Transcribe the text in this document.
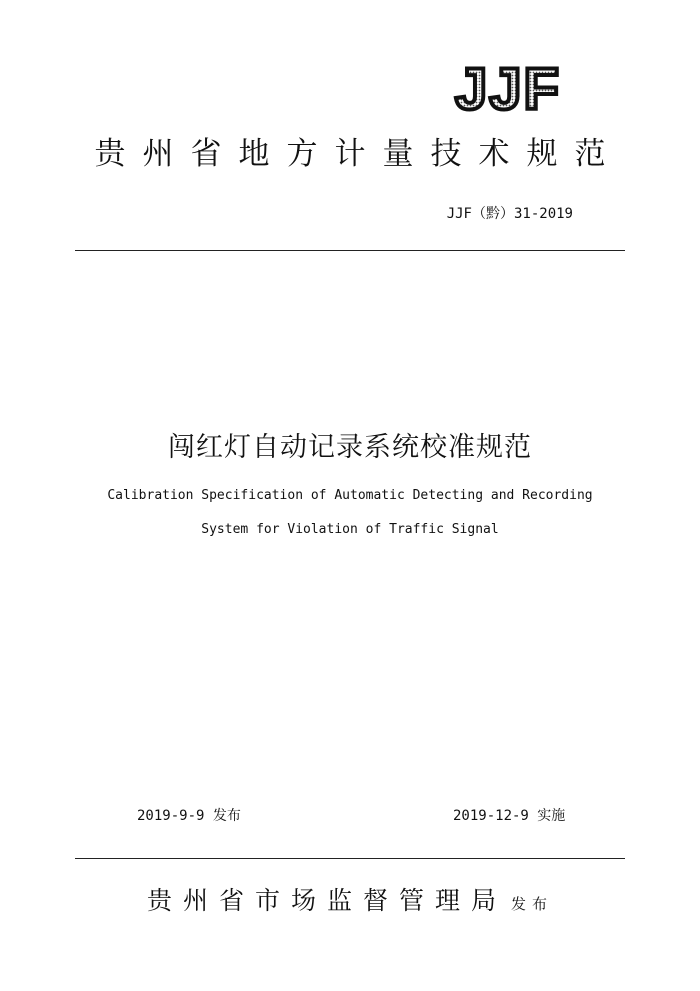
JJF
贵州省地方计量技术规范
JJF（黔）31-2019
闯红灯自动记录系统校准规范
Calibration Specification of Automatic Detecting and Recording
System for Violation of Traffic Signal
2019-9-9 发布	2019-12-9 实施
贵州省市场监督管理局 发布
